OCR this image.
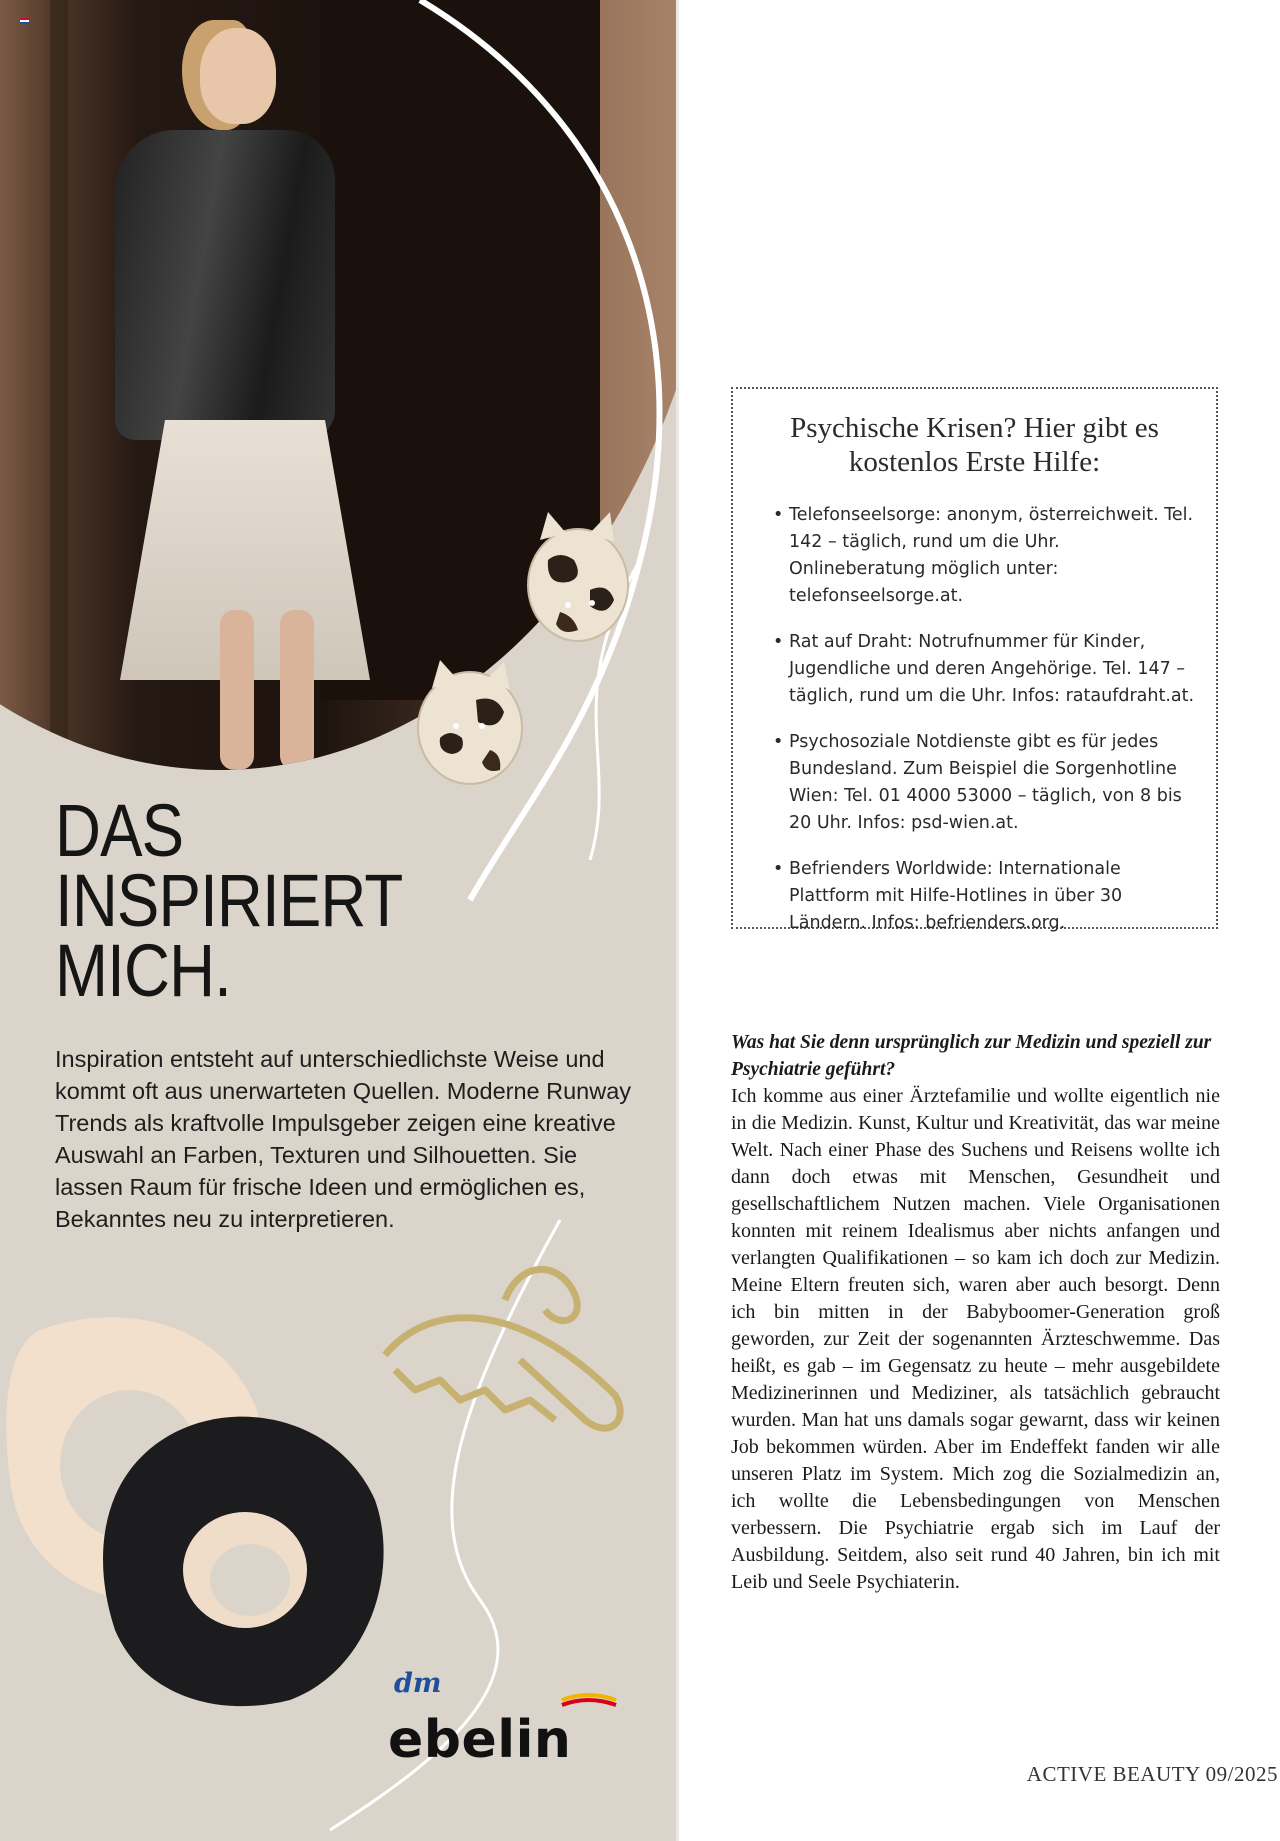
DAS
INSPIRIERT
MICH.

Inspiration entsteht auf unterschiedlichste Weise und kommt oft aus unerwarteten Quellen. Moderne Runway Trends als kraftvolle Impulsgeber zeigen eine kreative Auswahl an Farben, Texturen und Silhouetten. Sie lassen Raum für frische Ideen und ermöglichen es, Bekanntes neu zu interpretieren.

dm
ebelin
Psychische Krisen? Hier gibt es kostenlos Erste Hilfe:
• Telefonseelsorge: anonym, österreichweit. Tel. 142 – täglich, rund um die Uhr. Onlineberatung möglich unter: telefonseelsorge.at.
• Rat auf Draht: Notrufnummer für Kinder, Jugendliche und deren Angehörige. Tel. 147 – täglich, rund um die Uhr. Infos: rataufdraht.at.
• Psychosoziale Notdienste gibt es für jedes Bundesland. Zum Beispiel die Sorgenhotline Wien: Tel. 01 4000 53000 – täglich, von 8 bis 20 Uhr. Infos: psd-wien.at.
• Befrienders Worldwide: Internationale Plattform mit Hilfe-Hotlines in über 30 Ländern. Infos: befrienders.org.

Was hat Sie denn ursprünglich zur Medizin und speziell zur Psychiatrie geführt?

Ich komme aus einer Ärztefamilie und wollte eigentlich nie in die Medizin. Kunst, Kultur und Kreativität, das war meine Welt. Nach einer Phase des Suchens und Reisens wollte ich dann doch etwas mit Menschen, Gesundheit und gesellschaftlichem Nutzen machen. Viele Organisationen konnten mit reinem Idealismus aber nichts anfangen und verlangten Qualifikationen – so kam ich doch zur Medizin. Meine Eltern freuten sich, waren aber auch besorgt. Denn ich bin mitten in der Babyboomer-Generation groß geworden, zur Zeit der sogenannten Ärzteschwemme. Das heißt, es gab – im Gegensatz zu heute – mehr ausgebildete Medizinerinnen und Mediziner, als tatsächlich gebraucht wurden. Man hat uns damals sogar gewarnt, dass wir keinen Job bekommen würden. Aber im Endeffekt fanden wir alle unseren Platz im System. Mich zog die Sozialmedizin an, ich wollte die Lebensbedingungen von Menschen verbessern. Die Psychiatrie ergab sich im Lauf der Ausbildung. Seitdem, also seit rund 40 Jahren, bin ich mit Leib und Seele Psychiaterin.

ACTIVE BEAUTY 09/2025
